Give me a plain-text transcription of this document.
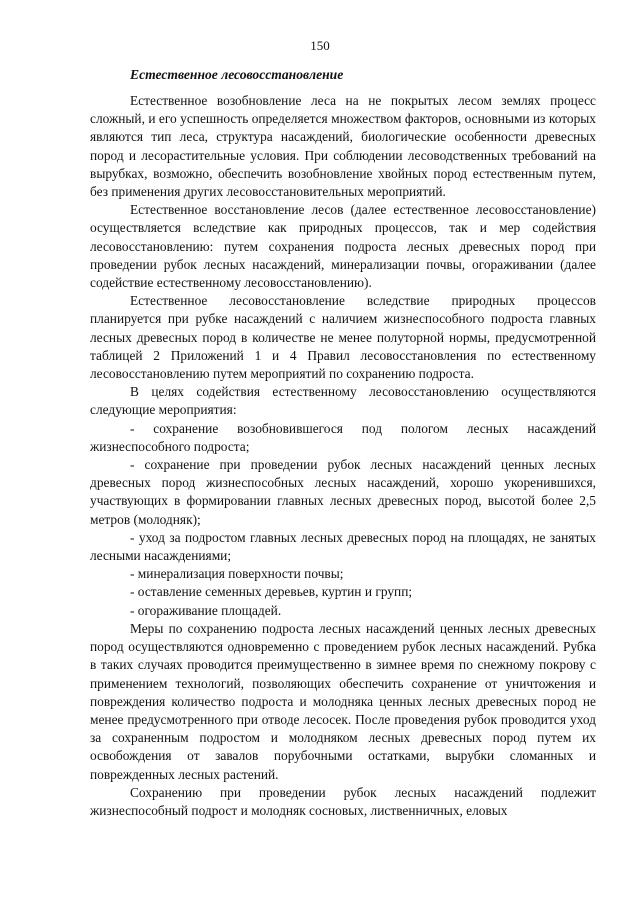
150

Естественное лесовосстановление

Естественное возобновление леса на не покрытых лесом землях процесс сложный, и его успешность определяется множеством факторов, основными из которых являются тип леса, структура насаждений, биологические особенности древесных пород и лесорастительные условия. При соблюдении лесоводственных требований на вырубках, возможно, обеспечить возобновление хвойных пород естественным путем, без применения других лесовосстановительных мероприятий.

Естественное восстановление лесов (далее естественное лесовосстановление) осуществляется вследствие как природных процессов, так и мер содействия лесовосстановлению: путем сохранения подроста лесных древесных пород при проведении рубок лесных насаждений, минерализации почвы, огораживании (далее содействие естественному лесовосстановлению).

Естественное лесовосстановление вследствие природных процессов планируется при рубке насаждений с наличием жизнеспособного подроста главных лесных древесных пород в количестве не менее полуторной нормы, предусмотренной таблицей 2 Приложений 1 и 4 Правил лесовосстановления по естественному лесовосстановлению путем мероприятий по сохранению подроста.

В целях содействия естественному лесовосстановлению осуществляются следующие мероприятия:

- сохранение возобновившегося под пологом лесных насаждений жизнеспособного подроста;

- сохранение при проведении рубок лесных насаждений ценных лесных древесных пород жизнеспособных лесных насаждений, хорошо укоренившихся, участвующих в формировании главных лесных древесных пород, высотой более 2,5 метров (молодняк);

- уход за подростом главных лесных древесных пород на площадях, не занятых лесными насаждениями;

- минерализация поверхности почвы;

- оставление семенных деревьев, куртин и групп;

- огораживание площадей.

Меры по сохранению подроста лесных насаждений ценных лесных древесных пород осуществляются одновременно с проведением рубок лесных насаждений. Рубка в таких случаях проводится преимущественно в зимнее время по снежному покрову с применением технологий, позволяющих обеспечить сохранение от уничтожения и повреждения количество подроста и молодняка ценных лесных древесных пород не менее предусмотренного при отводе лесосек. После проведения рубок проводится уход за сохраненным подростом и молодняком лесных древесных пород путем их освобождения от завалов порубочными остатками, вырубки сломанных и поврежденных лесных растений.

Сохранению при проведении рубок лесных насаждений подлежит жизнеспособный подрост и молодняк сосновых, лиственничных, еловых
